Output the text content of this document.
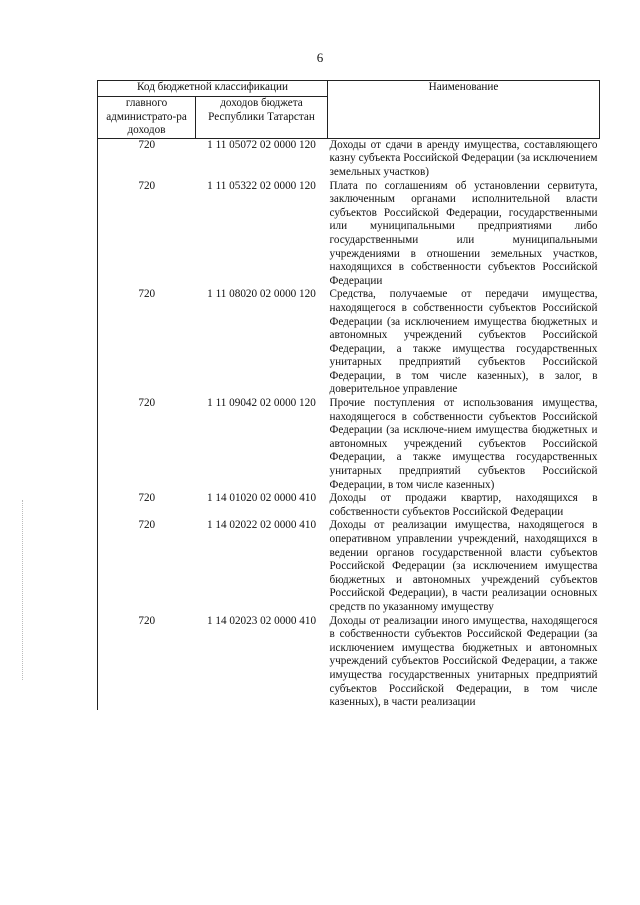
6
Код бюджетной классификации		Наименование
главного администрато-ра доходов	доходов бюджета Республики Татарстан	
720	1 11 05072 02 0000 120	Доходы от сдачи в аренду имущества, составляющего казну субъекта Российской Федерации (за исключением земельных участков)
720	1 11 05322 02 0000 120	Плата по соглашениям об установлении сервитута, заключенным органами исполнительной власти субъектов Российской Федерации, государственными или муниципальными предприятиями либо государственными или муниципальными учреждениями в отношении земельных участков, находящихся в собственности субъектов Российской Федерации
720	1 11 08020 02 0000 120	Средства, получаемые от передачи имущества, находящегося в собственности субъектов Российской Федерации (за исключением имущества бюджетных и автономных учреждений субъектов Российской Федерации, а также имущества государственных унитарных предприятий субъектов Российской Федерации, в том числе казенных), в залог, в доверительное управление
720	1 11 09042 02 0000 120	Прочие поступления от использования имущества, находящегося в собственности субъектов Российской Федерации (за исключе-нием имущества бюджетных и автономных учреждений субъектов Российской Федерации, а также имущества государственных унитарных предприятий субъектов Российской Федерации, в том числе казенных)
720	1 14 01020 02 0000 410	Доходы от продажи квартир, находящихся в собственности субъектов Российской Федерации
720	1 14 02022 02 0000 410	Доходы от реализации имущества, находящегося в оперативном управлении учреждений, находящихся в ведении органов государственной власти субъектов Российской Федерации (за исключением имущества бюджетных и автономных учреждений субъектов Российской Федерации), в части реализации основных средств по указанному имуществу
720	1 14 02023 02 0000 410	Доходы от реализации иного имущества, находящегося в собственности субъектов Российской Федерации (за исключением имущества бюджетных и автономных учреждений субъектов Российской Федерации, а также имущества государственных унитарных предприятий субъектов Российской Федерации, в том числе казенных), в части реализации
